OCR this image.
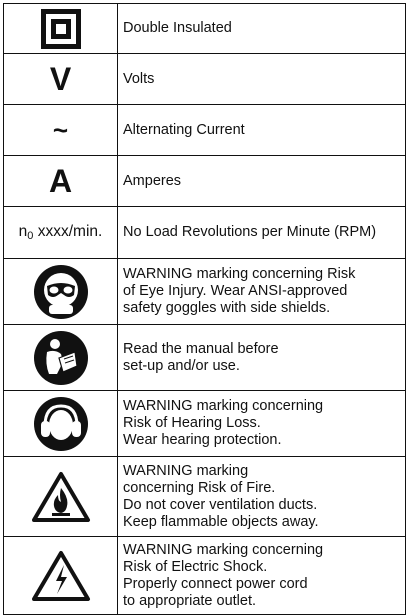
Double Insulated

V	Volts

~	Alternating Current

A	Amperes

$n_0$ xxxx/min.	No Load Revolutions per Minute (RPM)

WARNING marking concerning Risk
of Eye Injury. Wear ANSI-approved
safety goggles with side shields.

Read the manual before
set-up and/or use.

WARNING marking concerning
Risk of Hearing Loss.
Wear hearing protection.

WARNING marking
concerning Risk of Fire.
Do not cover ventilation ducts.
Keep flammable objects away.

WARNING marking concerning
Risk of Electric Shock.
Properly connect power cord
to appropriate outlet.
